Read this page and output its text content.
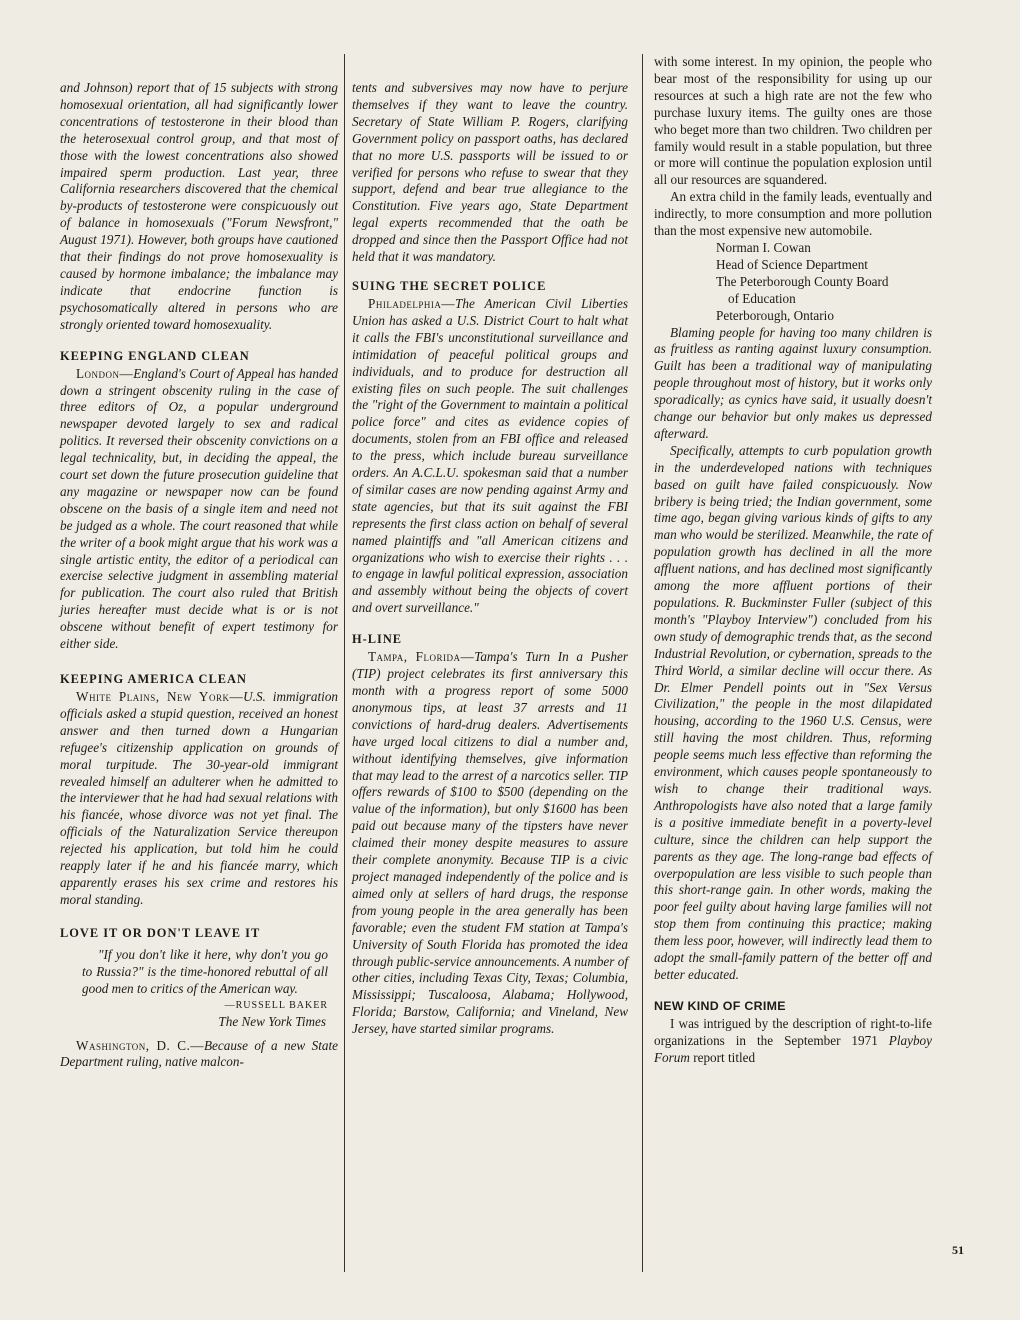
and Johnson) report that of 15 subjects with strong homosexual orientation, all had significantly lower concentrations of testosterone in their blood than the heterosexual control group, and that most of those with the lowest concentrations also showed impaired sperm production. Last year, three California researchers discovered that the chemical by-products of testosterone were conspicuously out of balance in homosexuals ("Forum Newsfront," August 1971). However, both groups have cautioned that their findings do not prove homosexuality is caused by hormone imbalance; the imbalance may indicate that endocrine function is psychosomatically altered in persons who are strongly oriented toward homosexuality.

KEEPING ENGLAND CLEAN

London—England's Court of Appeal has handed down a stringent obscenity ruling in the case of three editors of Oz, a popular underground newspaper devoted largely to sex and radical politics. It reversed their obscenity convictions on a legal technicality, but, in deciding the appeal, the court set down the future prosecution guideline that any magazine or newspaper now can be found obscene on the basis of a single item and need not be judged as a whole. The court reasoned that while the writer of a book might argue that his work was a single artistic entity, the editor of a periodical can exercise selective judgment in assembling material for publication. The court also ruled that British juries hereafter must decide what is or is not obscene without benefit of expert testimony for either side.

KEEPING AMERICA CLEAN

White Plains, New York—U.S. immigration officials asked a stupid question, received an honest answer and then turned down a Hungarian refugee's citizenship application on grounds of moral turpitude. The 30-year-old immigrant revealed himself an adulterer when he admitted to the interviewer that he had had sexual relations with his fiancée, whose divorce was not yet final. The officials of the Naturalization Service thereupon rejected his application, but told him he could reapply later if he and his fiancée marry, which apparently erases his sex crime and restores his moral standing.

LOVE IT OR DON'T LEAVE IT

"If you don't like it here, why don't you go to Russia?" is the time-honored rebuttal of all good men to critics of the American way.

—RUSSELL BAKER
The New York Times

Washington, D. C.—Because of a new State Department ruling, native malcon-

tents and subversives may now have to perjure themselves if they want to leave the country. Secretary of State William P. Rogers, clarifying Government policy on passport oaths, has declared that no more U.S. passports will be issued to or verified for persons who refuse to swear that they support, defend and bear true allegiance to the Constitution. Five years ago, State Department legal experts recommended that the oath be dropped and since then the Passport Office had not held that it was mandatory.

SUING THE SECRET POLICE

Philadelphia—The American Civil Liberties Union has asked a U.S. District Court to halt what it calls the FBI's unconstitutional surveillance and intimidation of peaceful political groups and individuals, and to produce for destruction all existing files on such people. The suit challenges the "right of the Government to maintain a political police force" and cites as evidence copies of documents, stolen from an FBI office and released to the press, which include bureau surveillance orders. An A.C.L.U. spokesman said that a number of similar cases are now pending against Army and state agencies, but that its suit against the FBI represents the first class action on behalf of several named plaintiffs and "all American citizens and organizations who wish to exercise their rights . . . to engage in lawful political expression, association and assembly without being the objects of covert and overt surveillance."

H-LINE

Tampa, Florida—Tampa's Turn In a Pusher (TIP) project celebrates its first anniversary this month with a progress report of some 5000 anonymous tips, at least 37 arrests and 11 convictions of hard-drug dealers. Advertisements have urged local citizens to dial a number and, without identifying themselves, give information that may lead to the arrest of a narcotics seller. TIP offers rewards of $100 to $500 (depending on the value of the information), but only $1600 has been paid out because many of the tipsters have never claimed their money despite measures to assure their complete anonymity. Because TIP is a civic project managed independently of the police and is aimed only at sellers of hard drugs, the response from young people in the area generally has been favorable; even the student FM station at Tampa's University of South Florida has promoted the idea through public-service announcements. A number of other cities, including Texas City, Texas; Columbia, Mississippi; Tuscaloosa, Alabama; Hollywood, Florida; Barstow, California; and Vineland, New Jersey, have started similar programs.

with some interest. In my opinion, the people who bear most of the responsibility for using up our resources at such a high rate are not the few who purchase luxury items. The guilty ones are those who beget more than two children. Two children per family would result in a stable population, but three or more will continue the population explosion until all our resources are squandered.

An extra child in the family leads, eventually and indirectly, to more consumption and more pollution than the most expensive new automobile.

Norman I. Cowan

Head of Science Department

The Peterborough County Board

of Education

Peterborough, Ontario

Blaming people for having too many children is as fruitless as ranting against luxury consumption. Guilt has been a traditional way of manipulating people throughout most of history, but it works only sporadically; as cynics have said, it usually doesn't change our behavior but only makes us depressed afterward.

Specifically, attempts to curb population growth in the underdeveloped nations with techniques based on guilt have failed conspicuously. Now bribery is being tried; the Indian government, some time ago, began giving various kinds of gifts to any man who would be sterilized. Meanwhile, the rate of population growth has declined in all the more affluent nations, and has declined most significantly among the more affluent portions of their populations. R. Buckminster Fuller (subject of this month's "Playboy Interview") concluded from his own study of demographic trends that, as the second Industrial Revolution, or cybernation, spreads to the Third World, a similar decline will occur there. As Dr. Elmer Pendell points out in "Sex Versus Civilization," the people in the most dilapidated housing, according to the 1960 U.S. Census, were still having the most children. Thus, reforming people seems much less effective than reforming the environment, which causes people spontaneously to wish to change their traditional ways. Anthropologists have also noted that a large family is a positive immediate benefit in a poverty-level culture, since the children can help support the parents as they age. The long-range bad effects of overpopulation are less visible to such people than this short-range gain. In other words, making the poor feel guilty about having large families will not stop them from continuing this practice; making them less poor, however, will indirectly lead them to adopt the small-family pattern of the better off and better educated.

NEW KIND OF CRIME

I was intrigued by the description of right-to-life organizations in the September 1971 Playboy Forum report titled

51
